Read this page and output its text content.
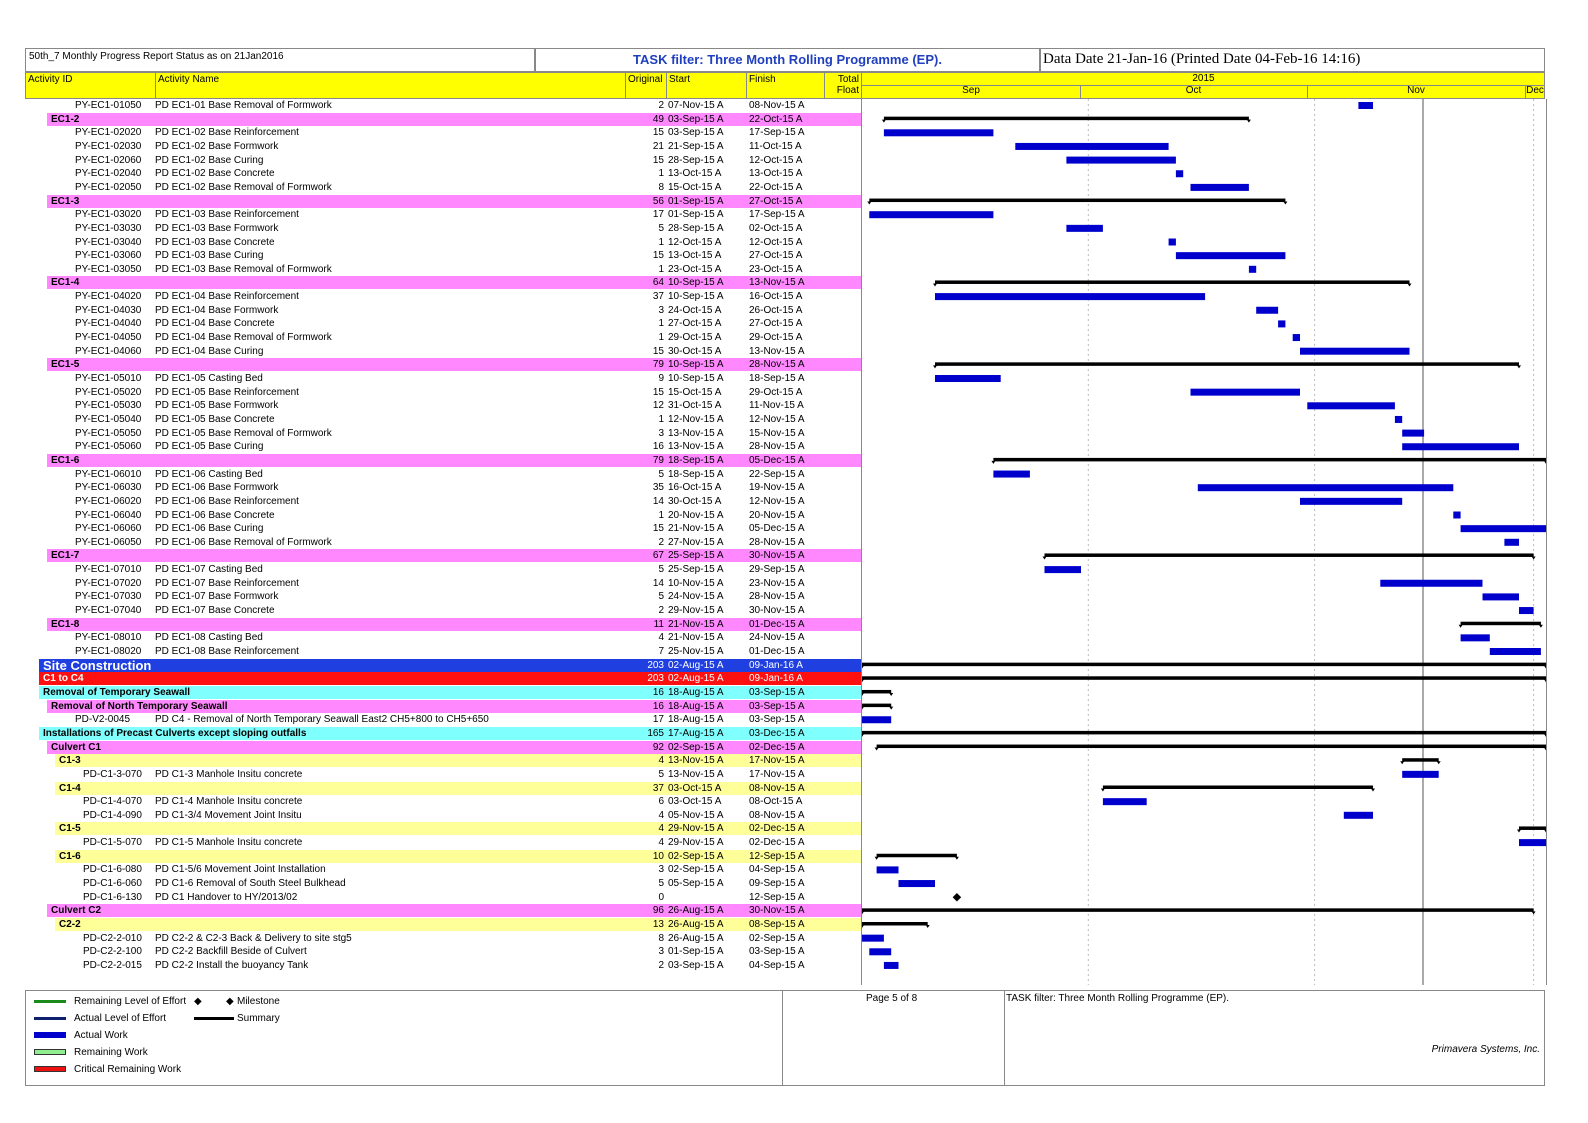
50th_7 Monthly Progress Report Status as on 21Jan2016	TASK filter: Three Month Rolling Programme (EP).	Data Date 21-Jan-16 (Printed Date 04-Feb-16 14:16)
Activity ID	Activity Name	Original Start	Finish	Total
Float
2015
Sep	Oct	Nov	Dec
PY-EC1-01050	PD EC1-01 Base Removal of Formwork	2 07-Nov-15 A	08-Nov-15 A
EC1-2	49 03-Sep-15 A	22-Oct-15 A
PY-EC1-02020	PD EC1-02 Base Reinforcement	15 03-Sep-15 A	17-Sep-15 A
PY-EC1-02030	PD EC1-02 Base Formwork	21 21-Sep-15 A	11-Oct-15 A
PY-EC1-02060	PD EC1-02 Base Curing	15 28-Sep-15 A	12-Oct-15 A
PY-EC1-02040	PD EC1-02 Base Concrete	1 13-Oct-15 A	13-Oct-15 A
PY-EC1-02050	PD EC1-02 Base Removal of Formwork	8 15-Oct-15 A	22-Oct-15 A
EC1-3	56 01-Sep-15 A	27-Oct-15 A
PY-EC1-03020	PD EC1-03 Base Reinforcement	17 01-Sep-15 A	17-Sep-15 A
PY-EC1-03030	PD EC1-03 Base Formwork	5 28-Sep-15 A	02-Oct-15 A
PY-EC1-03040	PD EC1-03 Base Concrete	1 12-Oct-15 A	12-Oct-15 A
PY-EC1-03060	PD EC1-03 Base Curing	15 13-Oct-15 A	27-Oct-15 A
PY-EC1-03050	PD EC1-03 Base Removal of Formwork	1 23-Oct-15 A	23-Oct-15 A
EC1-4	64 10-Sep-15 A	13-Nov-15 A
PY-EC1-04020	PD EC1-04 Base Reinforcement	37 10-Sep-15 A	16-Oct-15 A
PY-EC1-04030	PD EC1-04 Base Formwork	3 24-Oct-15 A	26-Oct-15 A
PY-EC1-04040	PD EC1-04 Base Concrete	1 27-Oct-15 A	27-Oct-15 A
PY-EC1-04050	PD EC1-04 Base Removal of Formwork	1 29-Oct-15 A	29-Oct-15 A
PY-EC1-04060	PD EC1-04 Base Curing	15 30-Oct-15 A	13-Nov-15 A
EC1-5	79 10-Sep-15 A	28-Nov-15 A
PY-EC1-05010	PD EC1-05 Casting Bed	9 10-Sep-15 A	18-Sep-15 A
PY-EC1-05020	PD EC1-05 Base Reinforcement	15 15-Oct-15 A	29-Oct-15 A
PY-EC1-05030	PD EC1-05 Base Formwork	12 31-Oct-15 A	11-Nov-15 A
PY-EC1-05040	PD EC1-05 Base Concrete	1 12-Nov-15 A	12-Nov-15 A
PY-EC1-05050	PD EC1-05 Base Removal of Formwork	3 13-Nov-15 A	15-Nov-15 A
PY-EC1-05060	PD EC1-05 Base Curing	16 13-Nov-15 A	28-Nov-15 A
EC1-6	79 18-Sep-15 A	05-Dec-15 A
PY-EC1-06010	PD EC1-06 Casting Bed	5 18-Sep-15 A	22-Sep-15 A
PY-EC1-06030	PD EC1-06 Base Formwork	35 16-Oct-15 A	19-Nov-15 A
PY-EC1-06020	PD EC1-06 Base Reinforcement	14 30-Oct-15 A	12-Nov-15 A
PY-EC1-06040	PD EC1-06 Base Concrete	1 20-Nov-15 A	20-Nov-15 A
PY-EC1-06060	PD EC1-06 Base Curing	15 21-Nov-15 A	05-Dec-15 A
PY-EC1-06050	PD EC1-06 Base Removal of Formwork	2 27-Nov-15 A	28-Nov-15 A
EC1-7	67 25-Sep-15 A	30-Nov-15 A
PY-EC1-07010	PD EC1-07 Casting Bed	5 25-Sep-15 A	29-Sep-15 A
PY-EC1-07020	PD EC1-07 Base Reinforcement	14 10-Nov-15 A	23-Nov-15 A
PY-EC1-07030	PD EC1-07 Base Formwork	5 24-Nov-15 A	28-Nov-15 A
PY-EC1-07040	PD EC1-07 Base Concrete	2 29-Nov-15 A	30-Nov-15 A
EC1-8	11 21-Nov-15 A	01-Dec-15 A
PY-EC1-08010	PD EC1-08 Casting Bed	4 21-Nov-15 A	24-Nov-15 A
PY-EC1-08020	PD EC1-08 Base Reinforcement	7 25-Nov-15 A	01-Dec-15 A
Site Construction	203 02-Aug-15 A	09-Jan-16 A
C1 to C4	203 02-Aug-15 A	09-Jan-16 A
Removal of Temporary Seawall	16 18-Aug-15 A	03-Sep-15 A
Removal of North Temporary Seawall	16 18-Aug-15 A	03-Sep-15 A
PD-V2-0045	PD C4 - Removal of North Temporary Seawall East2 CH5+800 to CH5+650	17 18-Aug-15 A	03-Sep-15 A
Installations of Precast Culverts except sloping outfalls	165 17-Aug-15 A	03-Dec-15 A
Culvert C1	92 02-Sep-15 A	02-Dec-15 A
C1-3	4 13-Nov-15 A	17-Nov-15 A
PD-C1-3-070	PD C1-3 Manhole Insitu concrete	5 13-Nov-15 A	17-Nov-15 A
C1-4	37 03-Oct-15 A	08-Nov-15 A
PD-C1-4-070	PD C1-4 Manhole Insitu concrete	6 03-Oct-15 A	08-Oct-15 A
PD-C1-4-090	PD C1-3/4 Movement Joint Insitu	4 05-Nov-15 A	08-Nov-15 A
C1-5	4 29-Nov-15 A	02-Dec-15 A
PD-C1-5-070	PD C1-5 Manhole Insitu concrete	4 29-Nov-15 A	02-Dec-15 A
C1-6	10 02-Sep-15 A	12-Sep-15 A
PD-C1-6-080	PD C1-5/6 Movement Joint Installation	3 02-Sep-15 A	04-Sep-15 A
PD-C1-6-060	PD C1-6 Removal of South Steel Bulkhead	5 05-Sep-15 A	09-Sep-15 A
PD-C1-6-130	PD C1 Handover to HY/2013/02	0	12-Sep-15 A
Culvert C2	96 26-Aug-15 A	30-Nov-15 A
C2-2	13 26-Aug-15 A	08-Sep-15 A
PD-C2-2-010	PD C2-2 & C2-3 Back & Delivery to site stg5	8 26-Aug-15 A	02-Sep-15 A
PD-C2-2-100	PD C2-2 Backfill Beside of Culvert	3 01-Sep-15 A	03-Sep-15 A
PD-C2-2-015	PD C2-2 Install the buoyancy Tank	2 03-Sep-15 A	04-Sep-15 A
Remaining Level of Effort ◆ ◆ Milestone
Actual Level of Effort	Summary
Actual Work
Remaining Work
Critical Remaining Work
Page 5 of 8	TASK filter: Three Month Rolling Programme (EP).
Primavera Systems, Inc.
